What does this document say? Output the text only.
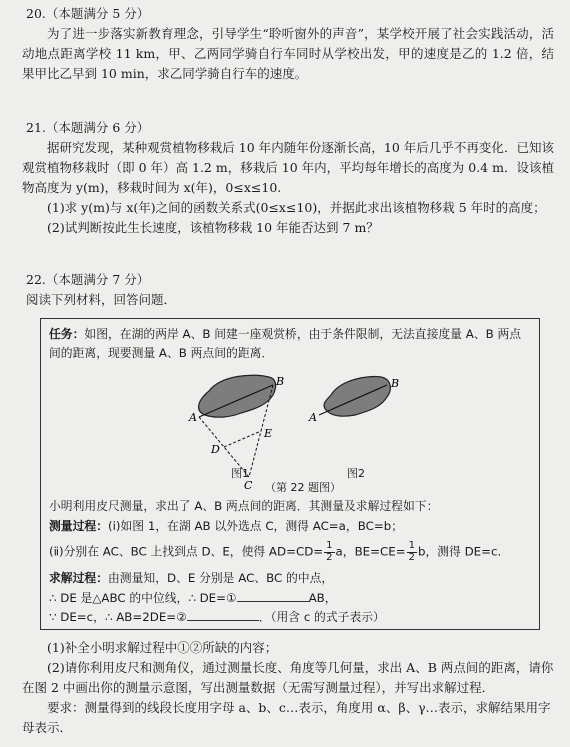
20.（本题满分 5 分）
为了进一步落实新教育理念，引导学生“聆听窗外的声音”，某学校开展了社会实践活动，活动地点距离学校 11 km，甲、乙两同学骑自行车同时从学校出发，甲的速度是乙的 1.2 倍，结果甲比乙早到 10 min，求乙同学骑自行车的速度。
21.（本题满分 6 分）
据研究发现，某种观赏植物移栽后 10 年内随年份逐渐长高，10 年后几乎不再变化．已知该观赏植物移栽时（即 0 年）高 1.2 m，移栽后 10 年内，平均每年增长的高度为 0.4 m．设该植物高度为 y(m)，移栽时间为 x(年)，0≤x≤10.
(1)求 y(m)与 x(年)之间的函数关系式(0≤x≤10)，并据此求出该植物移栽 5 年时的高度；
(2)试判断按此生长速度，该植物移栽 10 年能否达到 7 m？
22.（本题满分 7 分）
阅读下列材料，回答问题．
任务：如图，在湖的两岸 A、B 间建一座观赏桥，由于条件限制，无法直接度量 A、B 两点间的距离，现要测量 A、B 两点间的距离．
A
B
C
D
E
A
B
图1	图2
（第 22 题图）
小明利用皮尺测量，求出了 A、B 两点间的距离．其测量及求解过程如下：
测量过程：(ⅰ)如图 1，在湖 AB 以外选点 C，测得 AC=a，BC=b；
(ⅱ)分别在 AC、BC 上找到点 D、E，使得 $AD=CD= \frac{1}{2}$ a，$BE=CE= \frac{1}{2}$ b，测得 DE=c.
求解过程：由测量知，D、E 分别是 AC、BC 的中点，
∴ DE 是△ABC 的中位线，∴ DE=①	AB，
∵ DE=c，∴ AB=2DE=②	．（用含 c 的式子表示）
(1)补全小明求解过程中①②所缺的内容；
(2)请你利用皮尺和测角仪，通过测量长度、角度等几何量，求出 A、B 两点间的距离，请你在图 2 中画出你的测量示意图，写出测量数据（无需写测量过程），并写出求解过程．
要求：测量得到的线段长度用字母 a、b、c…表示，角度用 α、β、γ…表示，求解结果用字母表示．
